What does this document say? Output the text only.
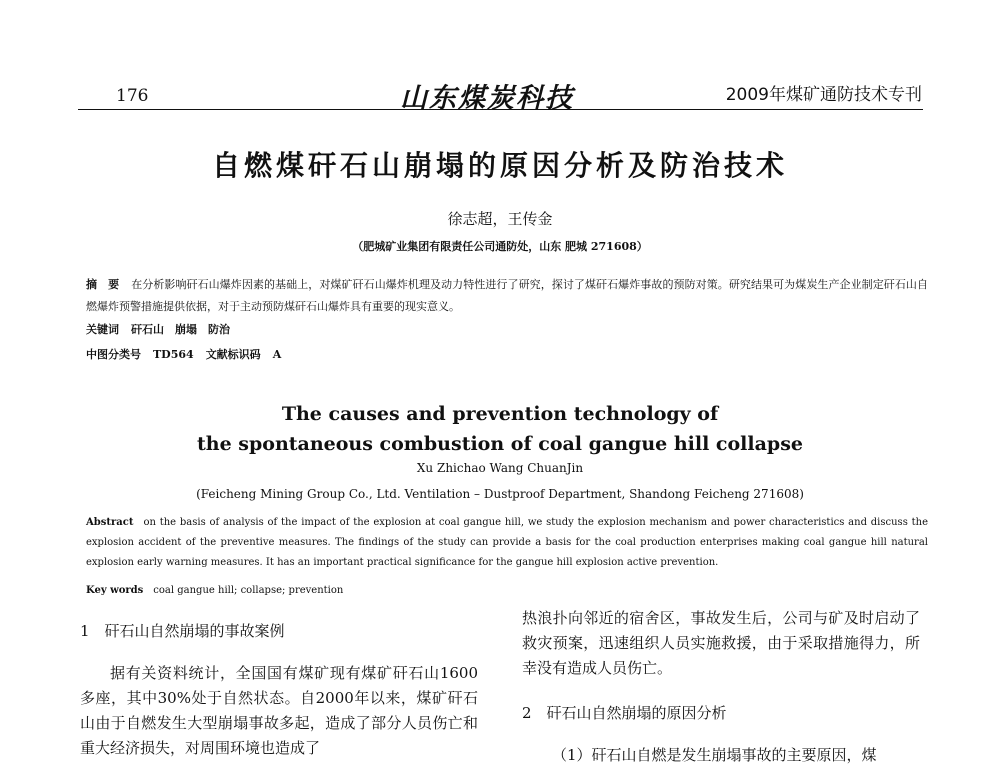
176	山东煤炭科技	2009年煤矿通防技术专刊
自燃煤矸石山崩塌的原因分析及防治技术
徐志超，王传金
（肥城矿业集团有限责任公司通防处，山东 肥城 271608）
摘　要 在分析影响矸石山爆炸因素的基础上，对煤矿矸石山爆炸机理及动力特性进行了研究，探讨了煤矸石爆炸事故的预防对策。研究结果可为煤炭生产企业制定矸石山自燃爆炸预警措施提供依据，对于主动预防煤矸石山爆炸具有重要的现实意义。
关键词 矸石山　崩塌　防治
中图分类号 TD564 文献标识码 A
The causes and prevention technology of
the spontaneous combustion of coal gangue hill collapse
Xu Zhichao Wang ChuanJin
(Feicheng Mining Group Co., Ltd. Ventilation – Dustproof Department, Shandong Feicheng 271608)
Abstract on the basis of analysis of the impact of the explosion at coal gangue hill, we study the explosion mechanism and power characteristics and discuss the explosion accident of the preventive measures. The findings of the study can provide a basis for the coal production enterprises making coal gangue hill natural explosion early warning measures. It has an important practical significance for the gangue hill explosion active prevention.
Key words coal gangue hill; collapse; prevention

1　矸石山自然崩塌的事故案例

据有关资料统计，全国国有煤矿现有煤矿矸石山1600多座，其中30%处于自然状态。自2000年以来，煤矿矸石山由于自燃发生大型崩塌事故多起，造成了部分人员伤亡和重大经济损失，对周围环境也造成了

热浪扑向邻近的宿舍区，事故发生后，公司与矿及时启动了救灾预案，迅速组织人员实施救援，由于采取措施得力，所幸没有造成人员伤亡。

2　矸石山自然崩塌的原因分析

（1）矸石山自燃是发生崩塌事故的主要原因，煤
